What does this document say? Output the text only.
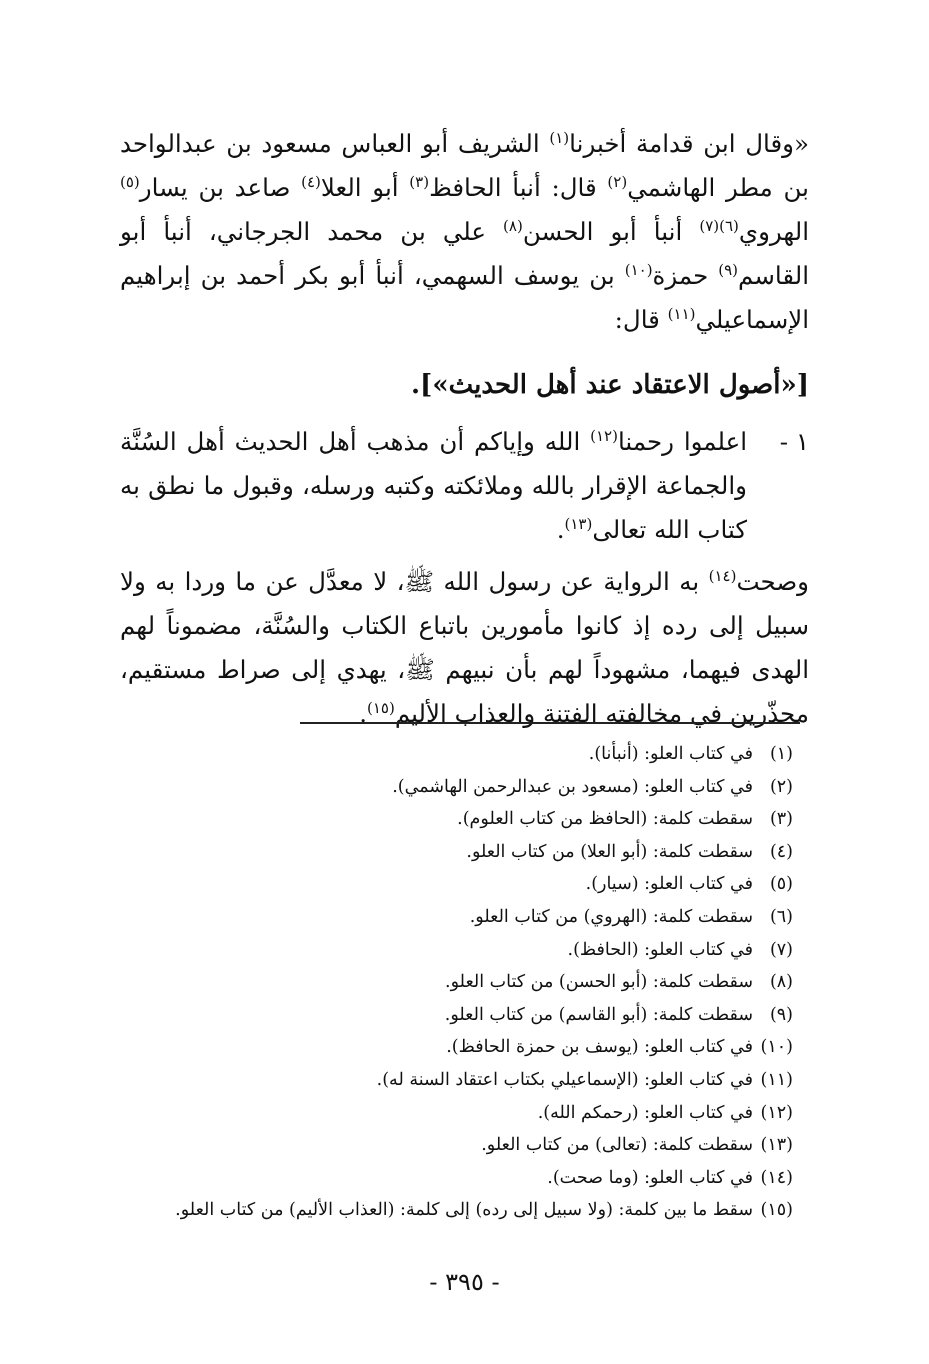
«وقال ابن قدامة أخبرنا$^{(١)}$ الشريف أبو العباس مسعود بن عبدالواحد بن مطر الهاشمي$^{(٢)}$ قال: أنبأ الحافظ$^{(٣)}$ أبو العلا$^{(٤)}$ صاعد بن يسار$^{(٥)}$ الهروي$^{(٦)(٧)}$ أنبأ أبو الحسن$^{(٨)}$ علي بن محمد الجرجاني، أنبأ أبو القاسم$^{(٩)}$ حمزة$^{(١٠)}$ بن يوسف السهمي، أنبأ أبو بكر أحمد بن إبراهيم الإسماعيلي$^{(١١)}$ قال:

[«أصول الاعتقاد عند أهل الحديث»].

١ -

اعلموا رحمنا$^{(١٢)}$ الله وإياكم أن مذهب أهل الحديث أهل السُنَّة والجماعة الإقرار بالله وملائكته وكتبه ورسله، وقبول ما نطق به كتاب الله تعالى$^{(١٣)}$.

وصحت$^{(١٤)}$ به الرواية عن رسول الله ﷺ، لا معدَّل عن ما وردا به ولا سبيل إلى رده إذ كانوا مأمورين باتباع الكتاب والسُنَّة، مضموناً لهم الهدى فيهما، مشهوداً لهم بأن نبيهم ﷺ، يهدي إلى صراط مستقيم، محذّرين في مخالفته الفتنة والعذاب الأليم$^{(١٥)}$.

(١)
في كتاب العلو: (أنبأنا).
(٢)
في كتاب العلو: (مسعود بن عبدالرحمن الهاشمي).
(٣)
سقطت كلمة: (الحافظ من كتاب العلوم).
(٤)
سقطت كلمة: (أبو العلا) من كتاب العلو.
(٥)
في كتاب العلو: (سيار).
(٦)
سقطت كلمة: (الهروي) من كتاب العلو.
(٧)
في كتاب العلو: (الحافظ).
(٨)
سقطت كلمة: (أبو الحسن) من كتاب العلو.
(٩)
سقطت كلمة: (أبو القاسم) من كتاب العلو.
(١٠)
في كتاب العلو: (يوسف بن حمزة الحافظ).
(١١)
في كتاب العلو: (الإسماعيلي بكتاب اعتقاد السنة له).
(١٢)
في كتاب العلو: (رحمكم الله).
(١٣)
سقطت كلمة: (تعالى) من كتاب العلو.
(١٤)
في كتاب العلو: (وما صحت).
(١٥)
سقط ما بين كلمة: (ولا سبيل إلى رده) إلى كلمة: (العذاب الأليم) من كتاب العلو.
- ٣٩٥ -
